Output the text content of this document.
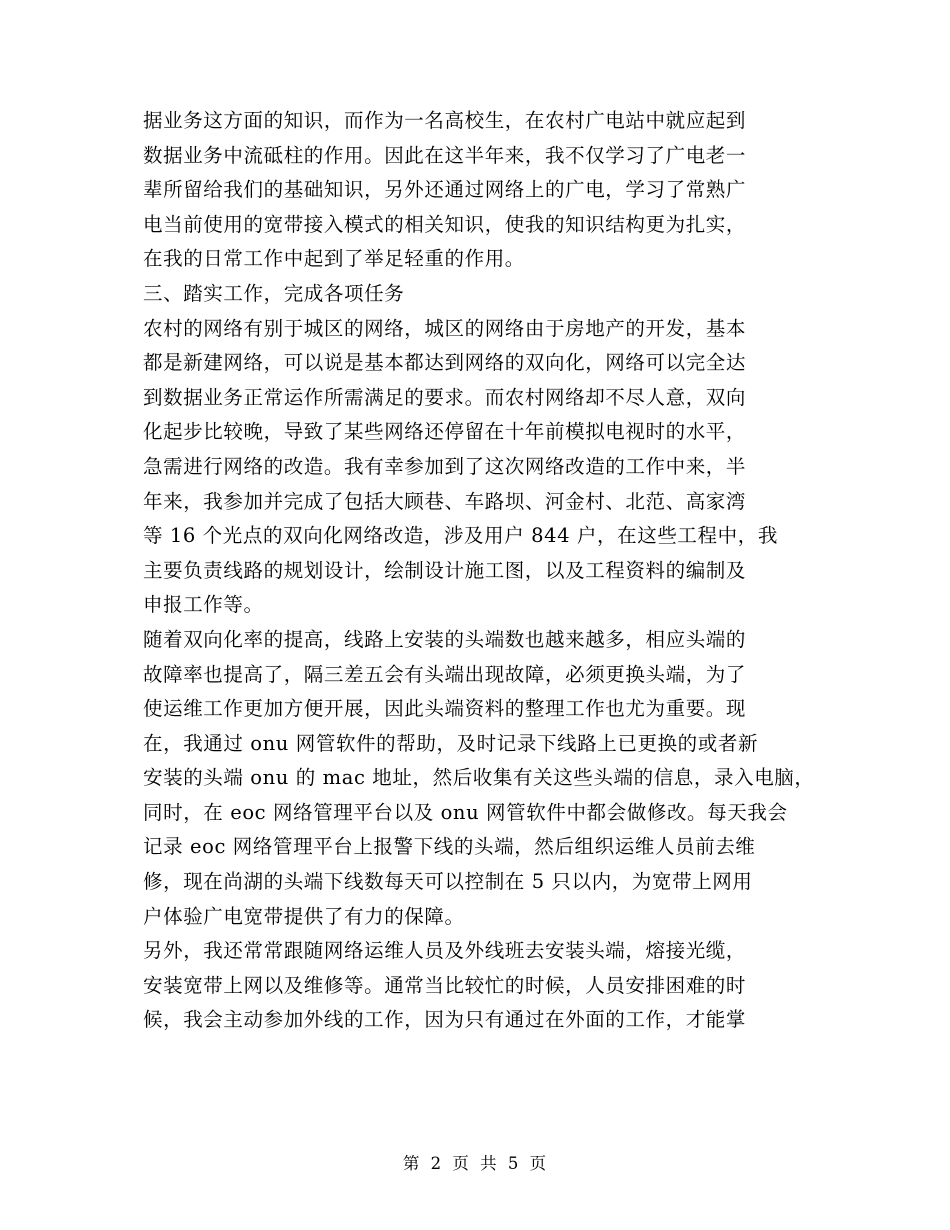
据业务这方面的知识，而作为一名高校生，在农村广电站中就应起到
数据业务中流砥柱的作用。因此在这半年来，我不仅学习了广电老一
辈所留给我们的基础知识，另外还通过网络上的广电，学习了常熟广
电当前使用的宽带接入模式的相关知识，使我的知识结构更为扎实，
在我的日常工作中起到了举足轻重的作用。
三、踏实工作，完成各项任务
农村的网络有别于城区的网络，城区的网络由于房地产的开发，基本
都是新建网络，可以说是基本都达到网络的双向化，网络可以完全达
到数据业务正常运作所需满足的要求。而农村网络却不尽人意，双向
化起步比较晚，导致了某些网络还停留在十年前模拟电视时的水平，
急需进行网络的改造。我有幸参加到了这次网络改造的工作中来，半
年来，我参加并完成了包括大顾巷、车路坝、河金村、北范、高家湾
等 16 个光点的双向化网络改造，涉及用户 844 户，在这些工程中，我
主要负责线路的规划设计，绘制设计施工图，以及工程资料的编制及
申报工作等。
随着双向化率的提高，线路上安装的头端数也越来越多，相应头端的
故障率也提高了，隔三差五会有头端出现故障，必须更换头端，为了
使运维工作更加方便开展，因此头端资料的整理工作也尤为重要。现
在，我通过 onu 网管软件的帮助，及时记录下线路上已更换的或者新
安装的头端 onu 的 mac 地址，然后收集有关这些头端的信息，录入电脑，
同时，在 eoc 网络管理平台以及 onu 网管软件中都会做修改。每天我会
记录 eoc 网络管理平台上报警下线的头端，然后组织运维人员前去维
修，现在尚湖的头端下线数每天可以控制在 5 只以内，为宽带上网用
户体验广电宽带提供了有力的保障。
另外，我还常常跟随网络运维人员及外线班去安装头端，熔接光缆，
安装宽带上网以及维修等。通常当比较忙的时候，人员安排困难的时
候，我会主动参加外线的工作，因为只有通过在外面的工作，才能掌
第 2 页 共 5 页
